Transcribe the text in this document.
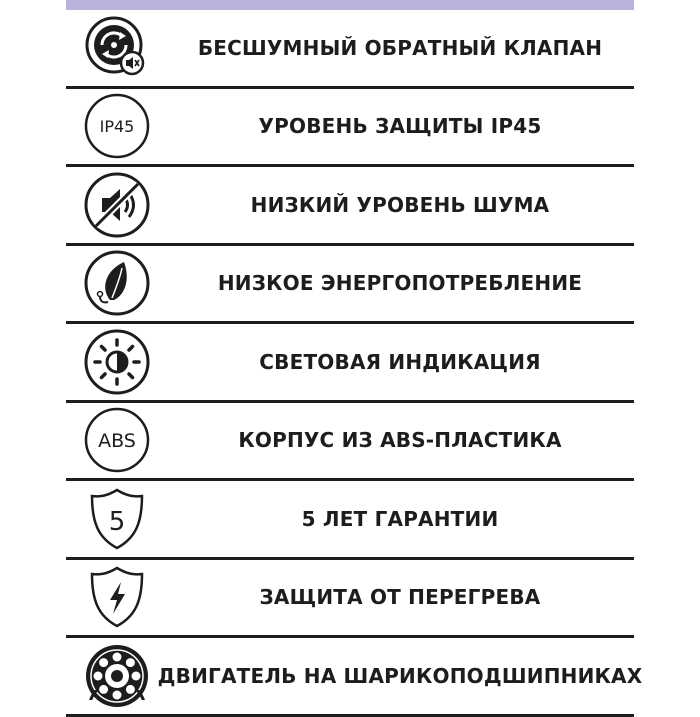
БЕСШУМНЫЙ ОБРАТНЫЙ КЛАПАН
IP45	УРОВЕНЬ ЗАЩИТЫ IP45
НИЗКИЙ УРОВЕНЬ ШУМА
НИЗКОЕ ЭНЕРГОПОТРЕБЛЕНИЕ
СВЕТОВАЯ ИНДИКАЦИЯ
ABS	КОРПУС ИЗ ABS-ПЛАСТИКА
5	5 ЛЕТ ГАРАНТИИ
ЗАЩИТА ОТ ПЕРЕГРЕВА
ДВИГАТЕЛЬ НА ШАРИКОПОДШИПНИКАХ
